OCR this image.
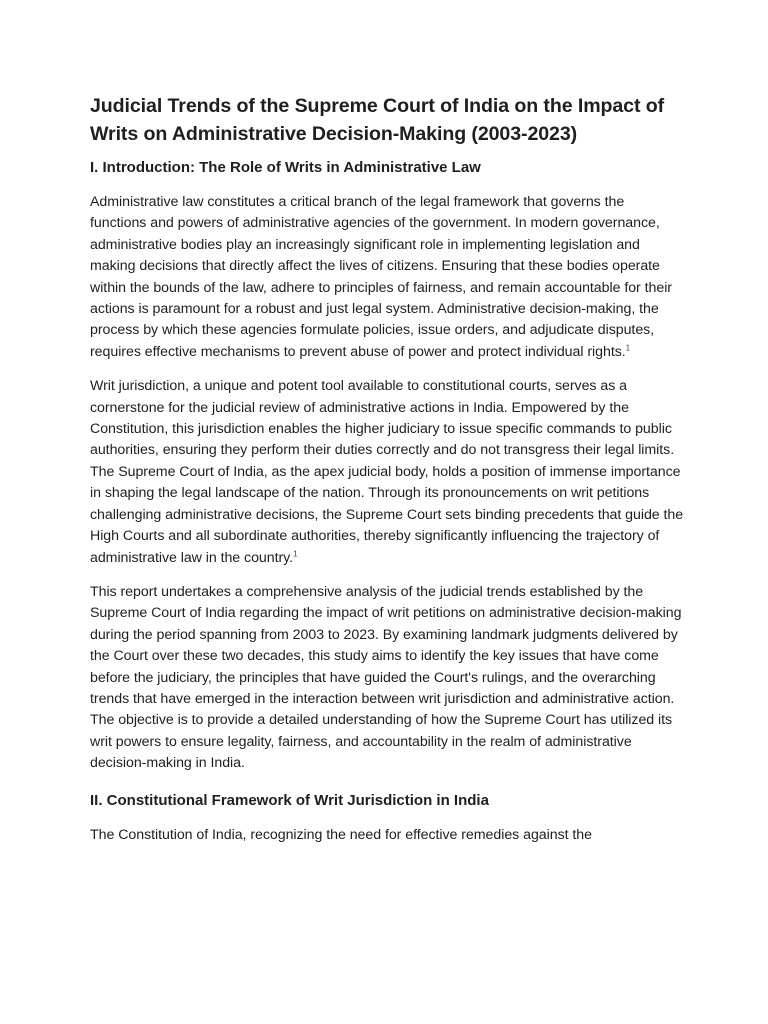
Judicial Trends of the Supreme Court of India on the Impact of Writs on Administrative Decision-Making (2003-2023)
I. Introduction: The Role of Writs in Administrative Law

Administrative law constitutes a critical branch of the legal framework that governs the functions and powers of administrative agencies of the government. In modern governance, administrative bodies play an increasingly significant role in implementing legislation and making decisions that directly affect the lives of citizens. Ensuring that these bodies operate within the bounds of the law, adhere to principles of fairness, and remain accountable for their actions is paramount for a robust and just legal system. Administrative decision-making, the process by which these agencies formulate policies, issue orders, and adjudicate disputes, requires effective mechanisms to prevent abuse of power and protect individual rights.$^1$

Writ jurisdiction, a unique and potent tool available to constitutional courts, serves as a cornerstone for the judicial review of administrative actions in India. Empowered by the Constitution, this jurisdiction enables the higher judiciary to issue specific commands to public authorities, ensuring they perform their duties correctly and do not transgress their legal limits. The Supreme Court of India, as the apex judicial body, holds a position of immense importance in shaping the legal landscape of the nation. Through its pronouncements on writ petitions challenging administrative decisions, the Supreme Court sets binding precedents that guide the High Courts and all subordinate authorities, thereby significantly influencing the trajectory of administrative law in the country.$^1$

This report undertakes a comprehensive analysis of the judicial trends established by the Supreme Court of India regarding the impact of writ petitions on administrative decision-making during the period spanning from 2003 to 2023. By examining landmark judgments delivered by the Court over these two decades, this study aims to identify the key issues that have come before the judiciary, the principles that have guided the Court's rulings, and the overarching trends that have emerged in the interaction between writ jurisdiction and administrative action. The objective is to provide a detailed understanding of how the Supreme Court has utilized its writ powers to ensure legality, fairness, and accountability in the realm of administrative decision-making in India.

II. Constitutional Framework of Writ Jurisdiction in India

The Constitution of India, recognizing the need for effective remedies against the
